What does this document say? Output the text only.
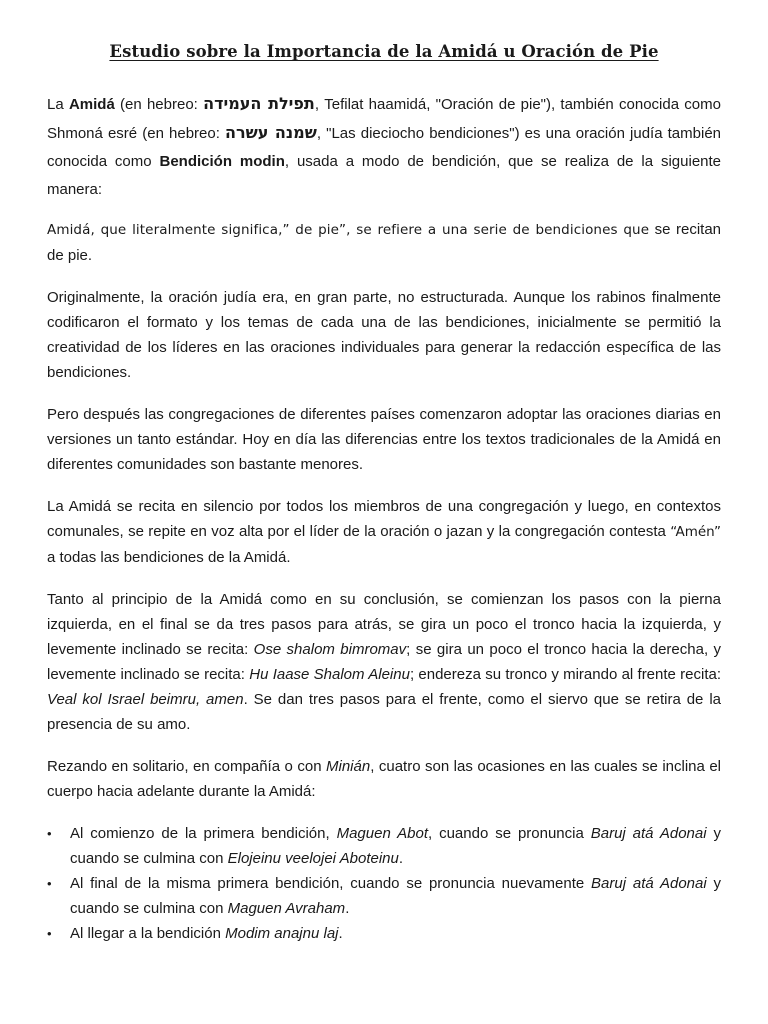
Estudio sobre la Importancia de la Amidá u Oración de Pie

La Amidá (en hebreo: תפילת העמידה, Tefilat haamidá, "Oración de pie"), también conocida como Shmoná esré (en hebreo: שמנה עשרה, "Las dieciocho bendiciones") es una oración judía también conocida como Bendición modin, usada a modo de bendición, que se realiza de la siguiente manera:

Amidá, que literalmente significa,” de pie”, se refiere a una serie de bendiciones que se recitan de pie.

Originalmente, la oración judía era, en gran parte, no estructurada. Aunque los rabinos finalmente codificaron el formato y los temas de cada una de las bendiciones, inicialmente se permitió la creatividad de los líderes en las oraciones individuales para generar la redacción específica de las bendiciones.

Pero después las congregaciones de diferentes países comenzaron adoptar las oraciones diarias en versiones un tanto estándar. Hoy en día las diferencias entre los textos tradicionales de la Amidá en diferentes comunidades son bastante menores.

La Amidá se recita en silencio por todos los miembros de una congregación y luego, en contextos comunales, se repite en voz alta por el líder de la oración o jazan y la congregación contesta “Amén” a todas las bendiciones de la Amidá.

Tanto al principio de la Amidá como en su conclusión, se comienzan los pasos con la pierna izquierda, en el final se da tres pasos para atrás, se gira un poco el tronco hacia la izquierda, y levemente inclinado se recita: Ose shalom bimromav; se gira un poco el tronco hacia la derecha, y levemente inclinado se recita: Hu Iaase Shalom Aleinu; endereza su tronco y mirando al frente recita: Veal kol Israel beimru, amen. Se dan tres pasos para el frente, como el siervo que se retira de la presencia de su amo.

Rezando en solitario, en compañía o con Minián, cuatro son las ocasiones en las cuales se inclina el cuerpo hacia adelante durante la Amidá:

•	Al comienzo de la primera bendición, Maguen Abot, cuando se pronuncia Baruj atá Adonai y cuando se culmina con Elojeinu veelojei Aboteinu.
•	Al final de la misma primera bendición, cuando se pronuncia nuevamente Baruj atá Adonai y cuando se culmina con Maguen Avraham.
•	Al llegar a la bendición Modim anajnu laj.
